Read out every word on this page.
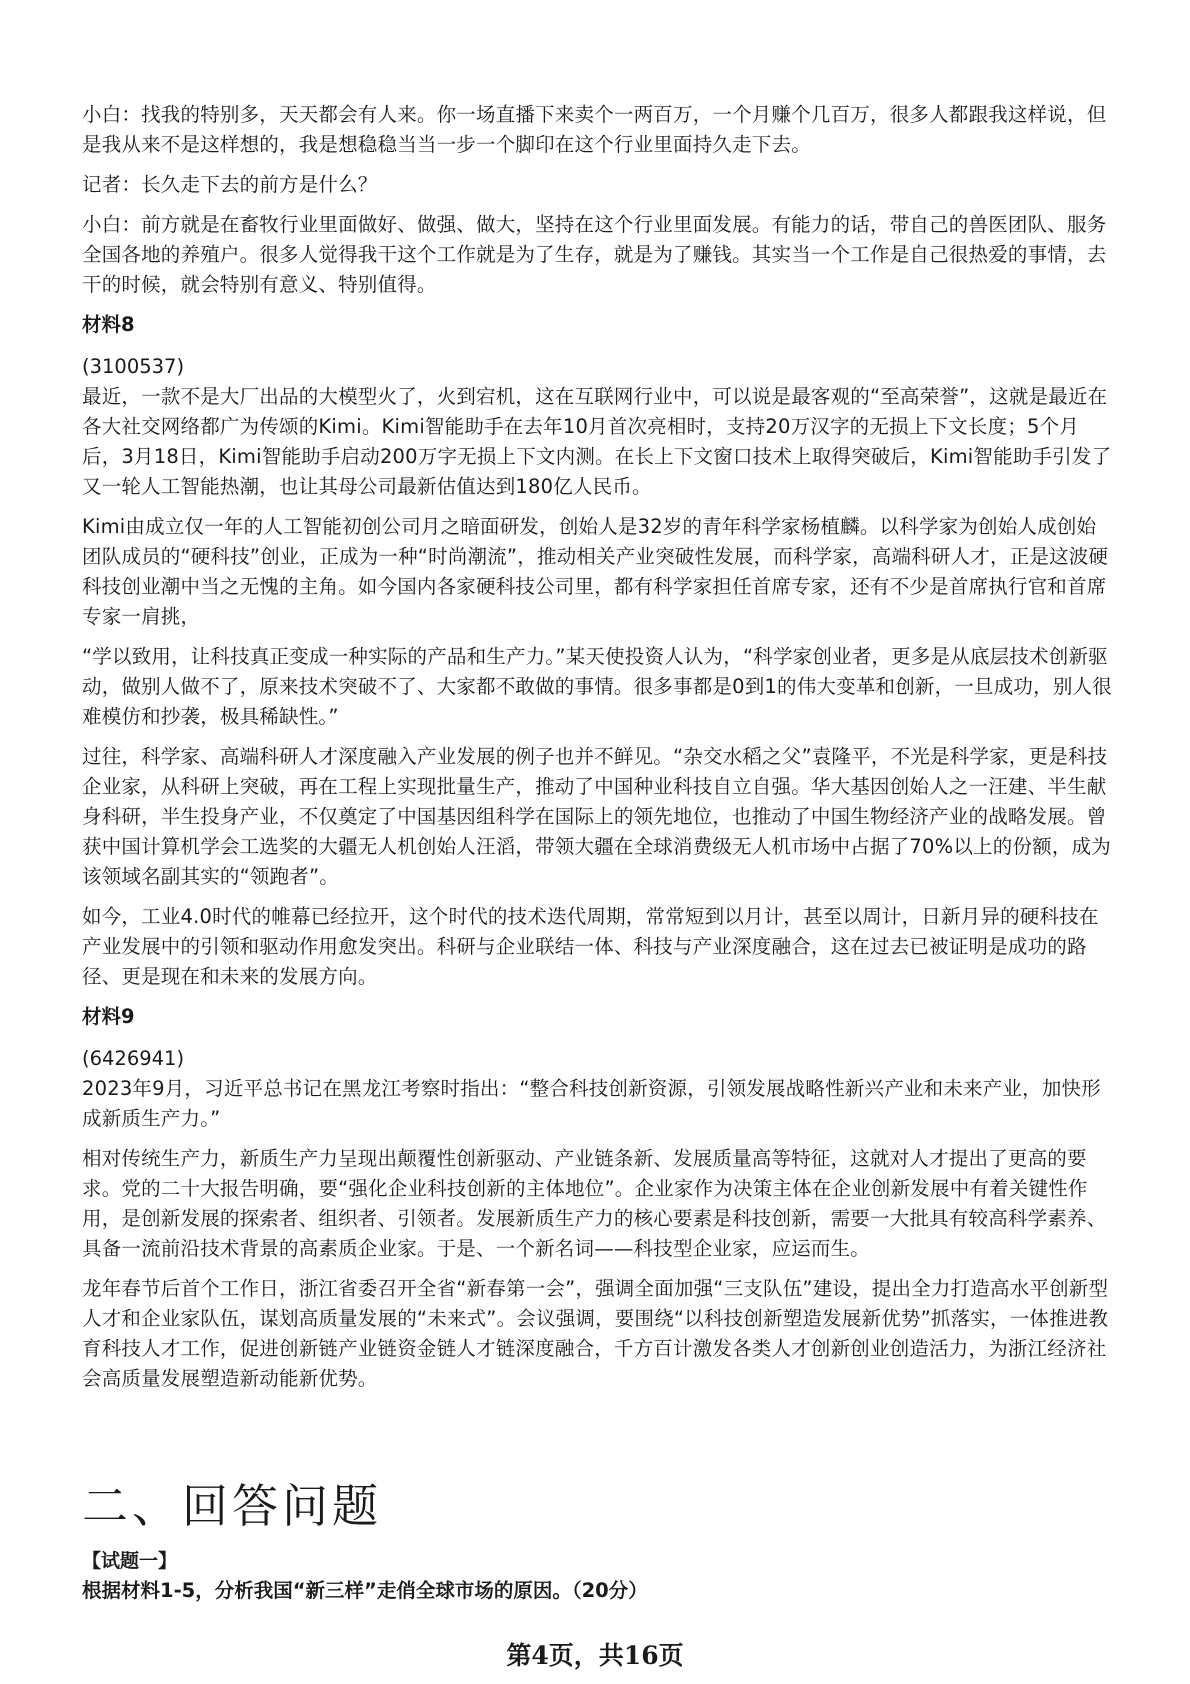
小白：找我的特别多，天天都会有人来。你一场直播下来卖个一两百万，一个月赚个几百万，很多人都跟我这样说，但是我从来不是这样想的，我是想稳稳当当一步一个脚印在这个行业里面持久走下去。

记者：长久走下去的前方是什么？

小白：前方就是在畜牧行业里面做好、做强、做大，坚持在这个行业里面发展。有能力的话，带自己的兽医团队、服务全国各地的养殖户。很多人觉得我干这个工作就是为了生存，就是为了赚钱。其实当一个工作是自己很热爱的事情，去干的时候，就会特别有意义、特别值得。

材料8

(3100537)

最近，一款不是大厂出品的大模型火了，火到宕机，这在互联网行业中，可以说是最客观的“至高荣誉”，这就是最近在各大社交网络都广为传颂的Kimi。Kimi智能助手在去年10月首次亮相时，支持20万汉字的无损上下文长度；5个月后，3月18日，Kimi智能助手启动200万字无损上下文内测。在长上下文窗口技术上取得突破后，Kimi智能助手引发了又一轮人工智能热潮，也让其母公司最新估值达到180亿人民币。

Kimi由成立仅一年的人工智能初创公司月之暗面研发，创始人是32岁的青年科学家杨植麟。以科学家为创始人成创始团队成员的“硬科技”创业，正成为一种“时尚潮流”，推动相关产业突破性发展，而科学家，高端科研人才，正是这波硬科技创业潮中当之无愧的主角。如今国内各家硬科技公司里，都有科学家担任首席专家，还有不少是首席执行官和首席专家一肩挑，

“学以致用，让科技真正变成一种实际的产品和生产力。”某天使投资人认为，“科学家创业者，更多是从底层技术创新驱动，做别人做不了，原来技术突破不了、大家都不敢做的事情。很多事都是0到1的伟大变革和创新，一旦成功，别人很难模仿和抄袭，极具稀缺性。”

过往，科学家、高端科研人才深度融入产业发展的例子也并不鲜见。“杂交水稻之父”袁隆平，不光是科学家，更是科技企业家，从科研上突破，再在工程上实现批量生产，推动了中国种业科技自立自强。华大基因创始人之一汪建、半生献身科研，半生投身产业，不仅奠定了中国基因组科学在国际上的领先地位，也推动了中国生物经济产业的战略发展。曾获中国计算机学会工选奖的大疆无人机创始人汪滔，带领大疆在全球消费级无人机市场中占据了70%以上的份额，成为该领域名副其实的“领跑者”。

如今，工业4.0时代的帷幕已经拉开，这个时代的技术迭代周期，常常短到以月计，甚至以周计，日新月异的硬科技在产业发展中的引领和驱动作用愈发突出。科研与企业联结一体、科技与产业深度融合，这在过去已被证明是成功的路径、更是现在和未来的发展方向。

材料9

(6426941)

2023年9月，习近平总书记在黑龙江考察时指出：“整合科技创新资源，引领发展战略性新兴产业和未来产业，加快形成新质生产力。”

相对传统生产力，新质生产力呈现出颠覆性创新驱动、产业链条新、发展质量高等特征，这就对人才提出了更高的要求。党的二十大报告明确，要“强化企业科技创新的主体地位”。企业家作为决策主体在企业创新发展中有着关键性作用，是创新发展的探索者、组织者、引领者。发展新质生产力的核心要素是科技创新，需要一大批具有较高科学素养、具备一流前沿技术背景的高素质企业家。于是、一个新名词——科技型企业家，应运而生。

龙年春节后首个工作日，浙江省委召开全省“新春第一会”，强调全面加强“三支队伍”建设，提出全力打造高水平创新型人才和企业家队伍，谋划高质量发展的“未来式”。会议强调，要围绕“以科技创新塑造发展新优势”抓落实，一体推进教育科技人才工作，促进创新链产业链资金链人才链深度融合，千方百计激发各类人才创新创业创造活力，为浙江经济社会高质量发展塑造新动能新优势。

二、回答问题
【试题一】
根据材料1-5，分析我国“新三样”走俏全球市场的原因。（20分）
第4页，共16页
